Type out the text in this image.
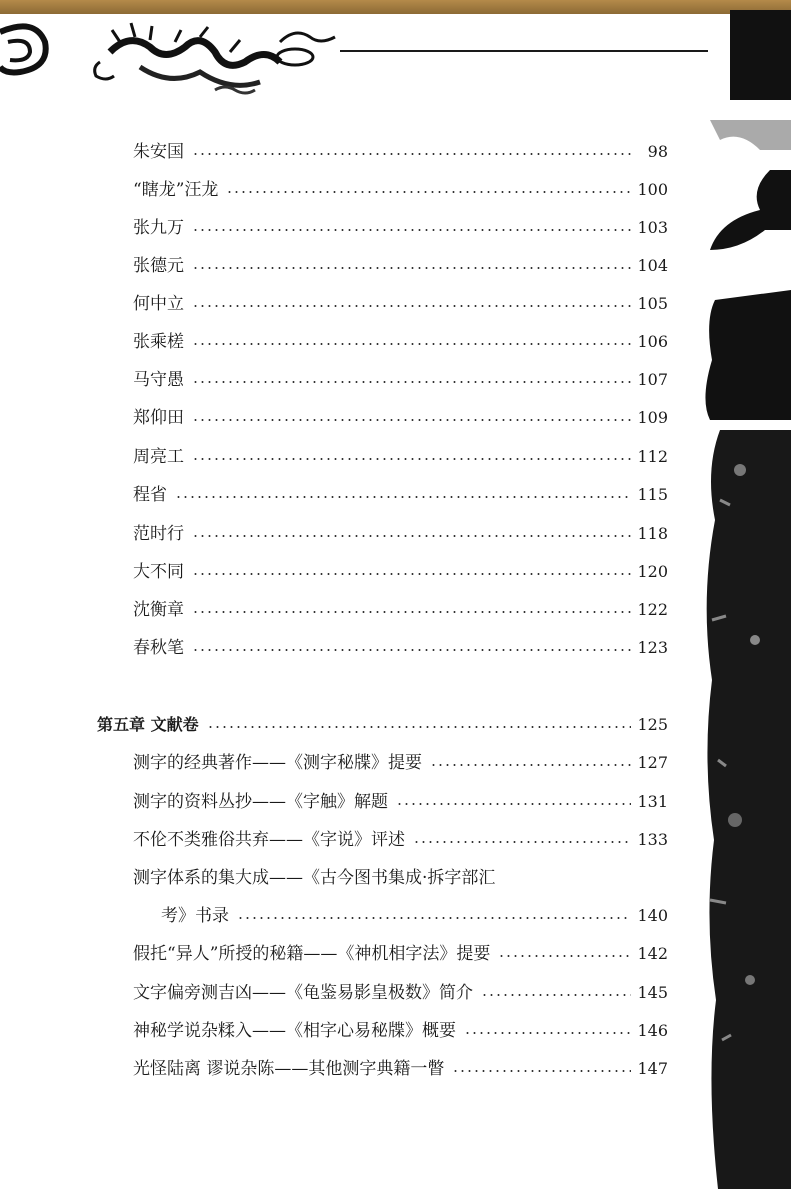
朱安国	98
“瞎龙”汪龙	100
张九万	103
张德元	104
何中立	105
张乘槎	106
马守愚	107
郑仰田	109
周亮工	112
程省	115
范时行	118
大不同	120
沈衡章	122
春秋笔	123
第五章 文献卷	125
测字的经典著作——《测字秘牒》提要	127
测字的资料丛抄——《字触》解题	131
不伦不类雅俗共弃——《字说》评述	133
测字体系的集大成——《古今图书集成·拆字部汇
考》书录	140
假托“异人”所授的秘籍——《神机相字法》提要	142
文字偏旁测吉凶——《龟鉴易影皇极数》简介	145
神秘学说杂糅入——《相字心易秘牒》概要	146
光怪陆离 谬说杂陈——其他测字典籍一瞥	147
